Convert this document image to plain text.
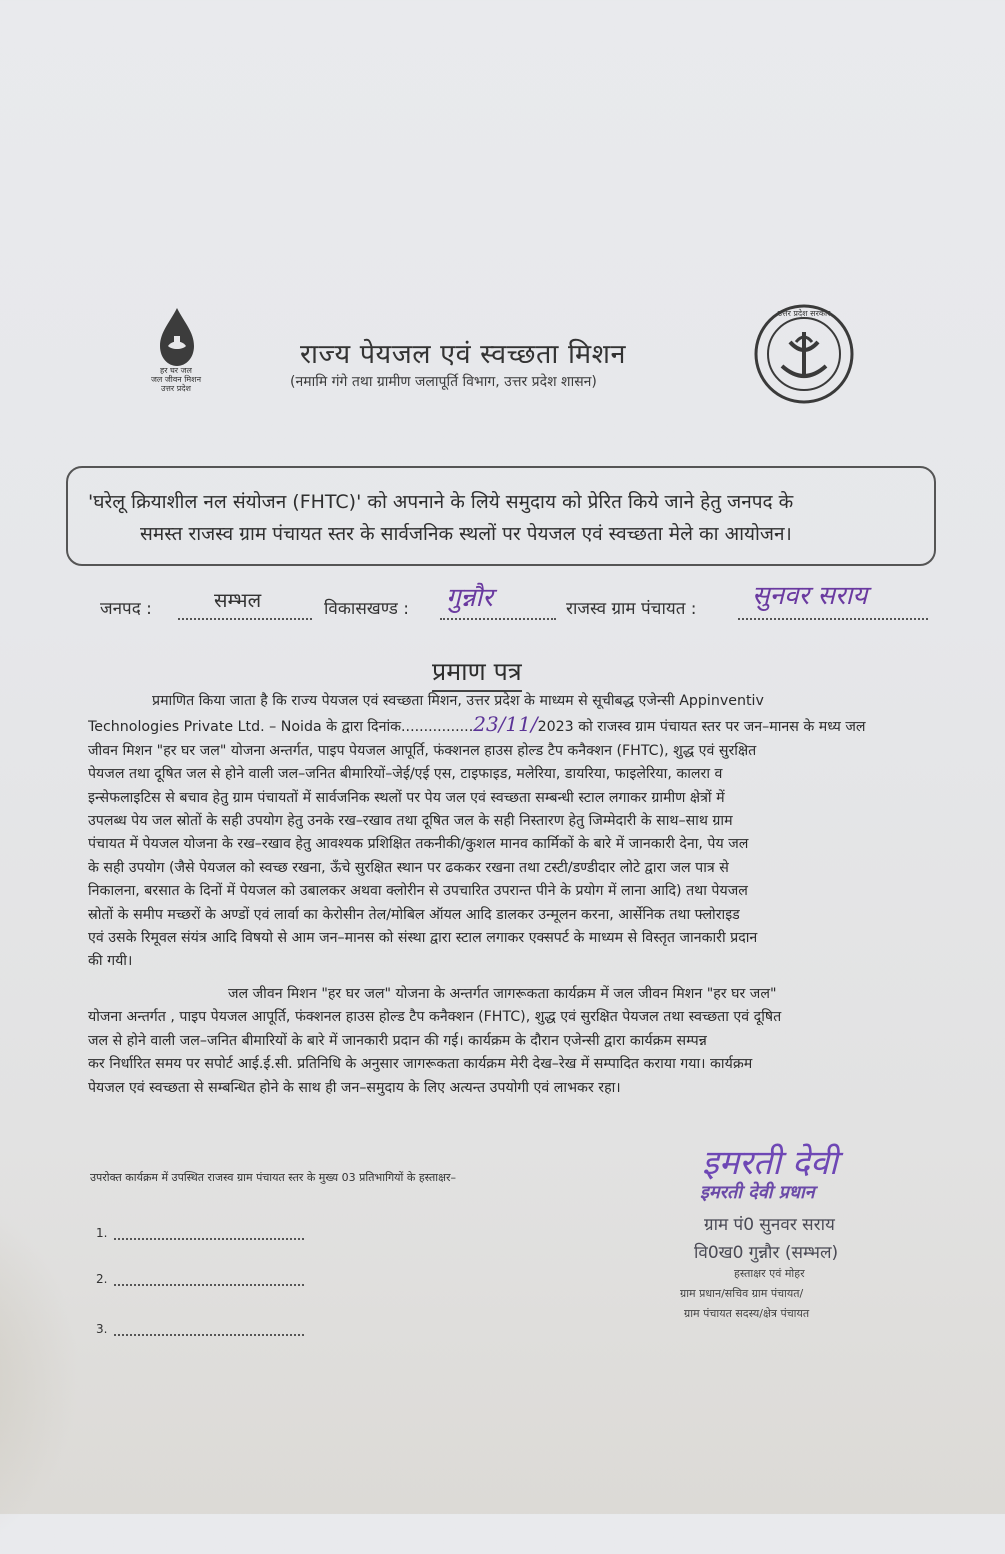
हर घर जल
जल जीवन मिशन
उत्तर प्रदेश
राज्य पेयजल एवं स्वच्छता मिशन
(नमामि गंगे तथा ग्रामीण जलापूर्ति विभाग, उत्तर प्रदेश शासन)
उत्तर प्रदेश सरकार
'घरेलू क्रियाशील नल संयोजन (FHTC)' को अपनाने के लिये समुदाय को प्रेरित किये जाने हेतु जनपद के
समस्त राजस्व ग्राम पंचायत स्तर के सार्वजनिक स्थलों पर पेयजल एवं स्वच्छता मेले का आयोजन।
जनपद :	सम्भल	विकासखण्ड : गुन्नौर	राजस्व ग्राम पंचायत : सुनवर सराय
प्रमाण पत्र
प्रमाणित किया जाता है कि राज्य पेयजल एवं स्वच्छता मिशन, उत्तर प्रदेश के माध्यम से सूचीबद्ध एजेन्सी Appinventiv
Technologies Private Ltd. – Noida के द्वारा दिनांक................23/11/2023 को राजस्व ग्राम पंचायत स्तर पर जन–मानस के मध्य जल
जीवन मिशन "हर घर जल" योजना अन्तर्गत, पाइप पेयजल आपूर्ति, फंक्शनल हाउस होल्ड टैप कनैक्शन (FHTC), शुद्ध एवं सुरक्षित
पेयजल तथा दूषित जल से होने वाली जल–जनित बीमारियों–जेई/एई एस, टाइफाइड, मलेरिया, डायरिया, फाइलेरिया, कालरा व
इन्सेफलाइटिस से बचाव हेतु ग्राम पंचायतों में सार्वजनिक स्थलों पर पेय जल एवं स्वच्छता सम्बन्धी स्टाल लगाकर ग्रामीण क्षेत्रों में
उपलब्ध पेय जल स्रोतों के सही उपयोग हेतु उनके रख–रखाव तथा दूषित जल के सही निस्तारण हेतु जिम्मेदारी के साथ–साथ ग्राम
पंचायत में पेयजल योजना के रख–रखाव हेतु आवश्यक प्रशिक्षित तकनीकी/कुशल मानव कार्मिकों के बारे में जानकारी देना, पेय जल
के सही उपयोग (जैसे पेयजल को स्वच्छ रखना, ऊँचे सुरक्षित स्थान पर ढककर रखना तथा टस्टी/डण्डीदार लोटे द्वारा जल पात्र से
निकालना, बरसात के दिनों में पेयजल को उबालकर अथवा क्लोरीन से उपचारित उपरान्त पीने के प्रयोग में लाना आदि) तथा पेयजल
स्रोतों के समीप मच्छरों के अण्डों एवं लार्वा का केरोसीन तेल/मोबिल ऑयल आदि डालकर उन्मूलन करना, आर्सेनिक तथा फ्लोराइड
एवं उसके रिमूवल संयंत्र आदि विषयो से आम जन–मानस को संस्था द्वारा स्टाल लगाकर एक्सपर्ट के माध्यम से विस्तृत जानकारी प्रदान
की गयी।
जल जीवन मिशन "हर घर जल" योजना के अन्तर्गत जागरूकता कार्यक्रम में जल जीवन मिशन "हर घर जल"
योजना अन्तर्गत , पाइप पेयजल आपूर्ति, फंक्शनल हाउस होल्ड टैप कनैक्शन (FHTC), शुद्ध एवं सुरक्षित पेयजल तथा स्वच्छता एवं दूषित
जल से होने वाली जल–जनित बीमारियों के बारे में जानकारी प्रदान की गई। कार्यक्रम के दौरान एजेन्सी द्वारा कार्यक्रम सम्पन्न
कर निर्धारित समय पर सपोर्ट आई.ई.सी. प्रतिनिधि के अनुसार जागरूकता कार्यक्रम मेरी देख–रेख में सम्पादित कराया गया। कार्यक्रम
पेयजल एवं स्वच्छता से सम्बन्धित होने के साथ ही जन–समुदाय के लिए अत्यन्त उपयोगी एवं लाभकर रहा।
उपरोक्त कार्यक्रम में उपस्थित राजस्व ग्राम पंचायत स्तर के मुख्य 03 प्रतिभागियों के हस्ताक्षर–
1.
2.
3.
इमरती देवी
इमरती देवी प्रधान
ग्राम पं0 सुनवर सराय
वि0ख0 गुन्नौर (सम्भल)
हस्ताक्षर एवं मोहर
ग्राम प्रधान/सचिव ग्राम पंचायत/
ग्राम पंचायत सदस्य/क्षेत्र पंचायत
